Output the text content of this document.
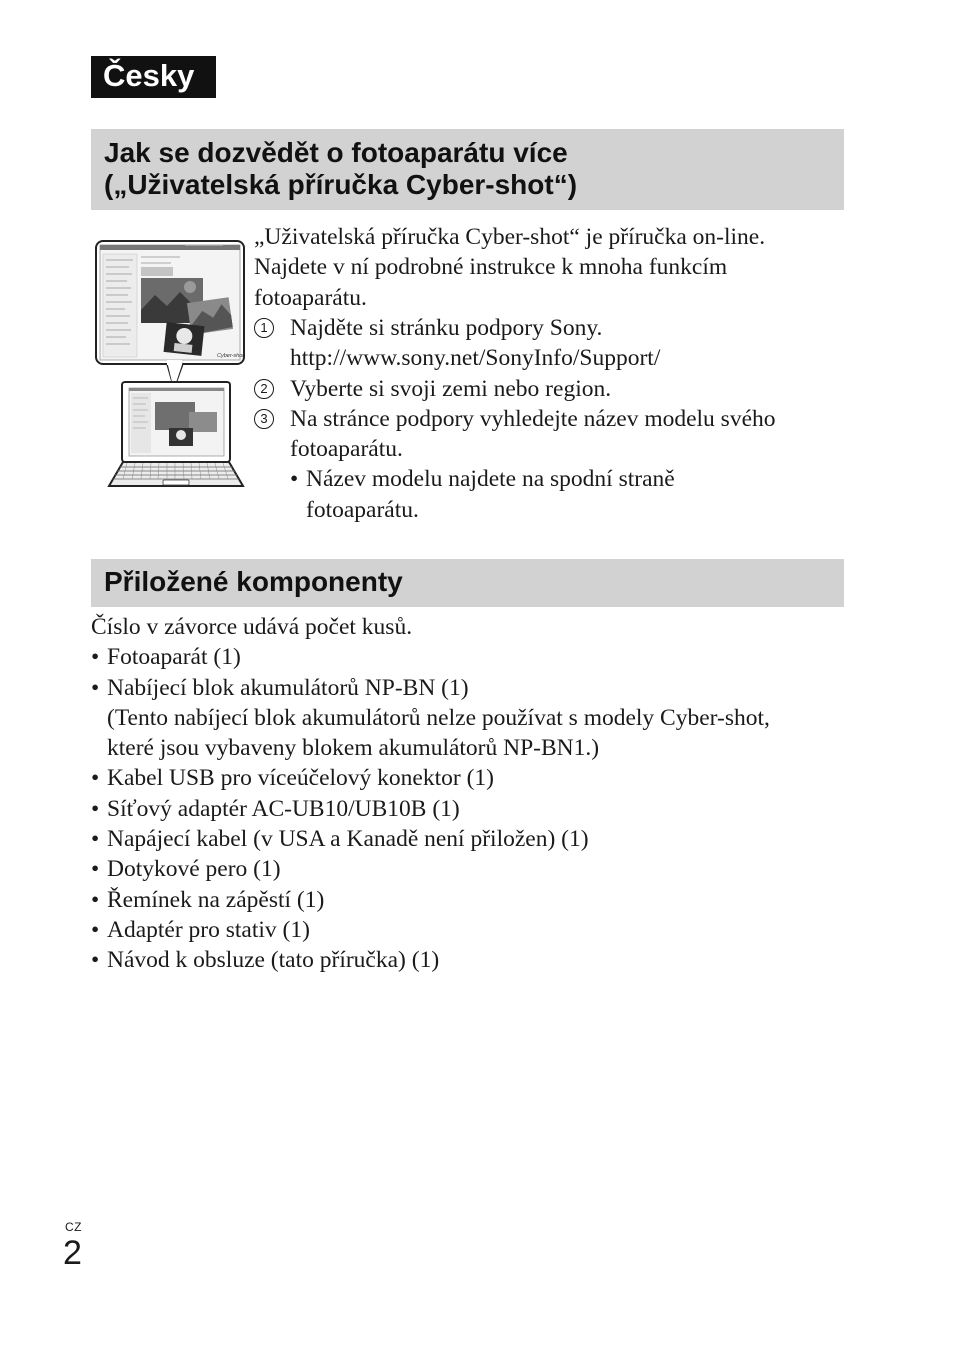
Česky
Jak se dozvědět o fotoaparátu více
(„Uživatelská příručka Cyber-shot“)
Cyber-shot
„Uživatelská příručka Cyber-shot“ je příručka on-line.
Najdete v ní podrobné instrukce k mnoha funkcím
fotoaparátu.
1 Najděte si stránku podpory Sony.
http://www.sony.net/SonyInfo/Support/
2 Vyberte si svoji zemi nebo region.
3 Na stránce podpory vyhledejte název modelu svého
fotoaparátu.
• Název modelu najdete na spodní straně
fotoaparátu.
Přiložené komponenty
Číslo v závorce udává počet kusů.
• Fotoaparát (1)
• Nabíjecí blok akumulátorů NP-BN (1)
(Tento nabíjecí blok akumulátorů nelze používat s modely Cyber-shot,
které jsou vybaveny blokem akumulátorů NP-BN1.)
• Kabel USB pro víceúčelový konektor (1)
• Síťový adaptér AC-UB10/UB10B (1)
• Napájecí kabel (v USA a Kanadě není přiložen) (1)
• Dotykové pero (1)
• Řemínek na zápěstí (1)
• Adaptér pro stativ (1)
• Návod k obsluze (tato příručka) (1)
CZ
2
